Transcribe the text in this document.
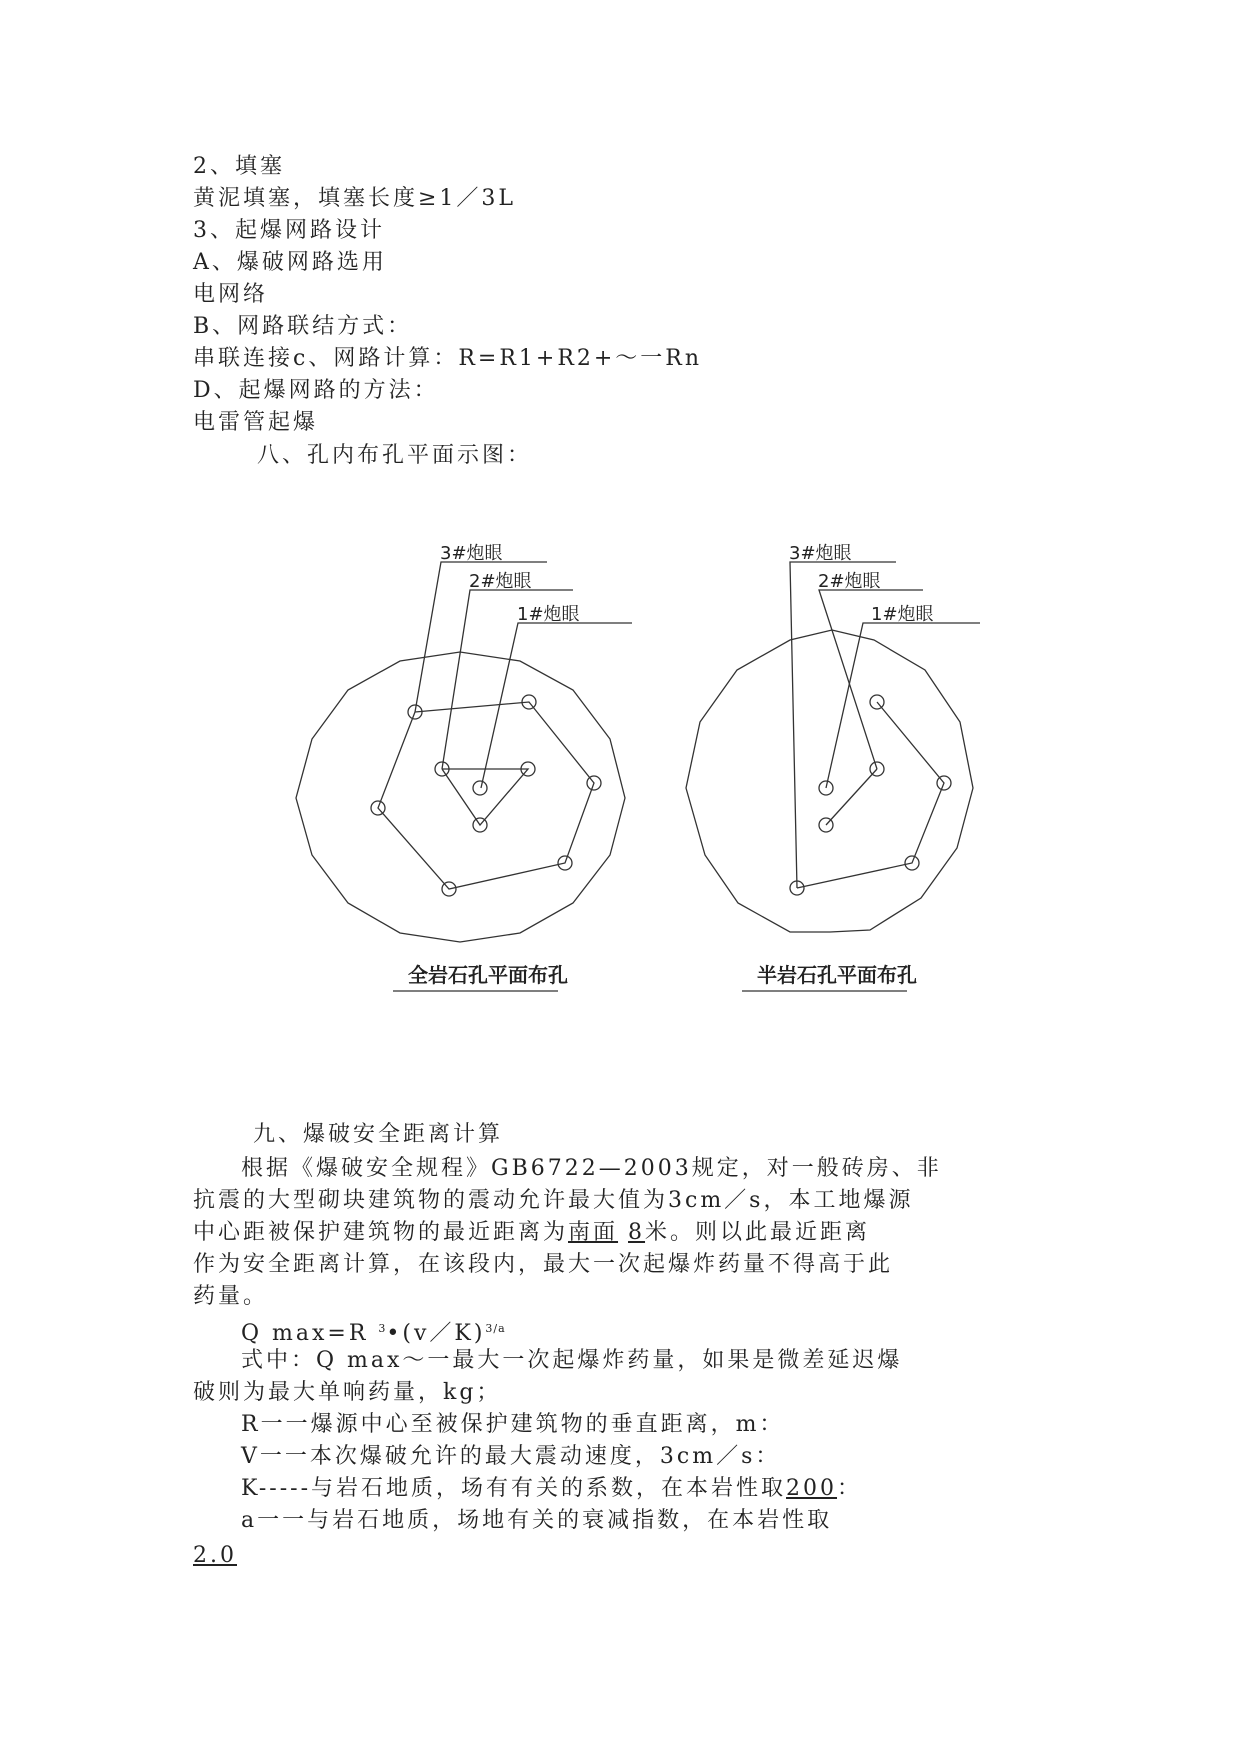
2、填塞
黄泥填塞，填塞长度≥1／3L
3、起爆网路设计
A、爆破网路选用
电网络
B、网路联结方式：
串联连接c、网路计算：R=R1+R2+～一Rn
D、起爆网路的方法：
电雷管起爆
八、孔内布孔平面示图：
3#炮眼
2#炮眼
1#炮眼
3#炮眼
2#炮眼
1#炮眼
全岩石孔平面布孔	半岩石孔平面布孔
九、爆破安全距离计算
根据《爆破安全规程》GB6722—2003规定，对一般砖房、非
抗震的大型砌块建筑物的震动允许最大值为3cm／s，本工地爆源
中心距被保护建筑物的最近距离为南面 8米。则以此最近距离
作为安全距离计算，在该段内，最大一次起爆炸药量不得高于此
药量。
Q max=R $^3$•(v／K)$^{3/a}$
式中：Q max～一最大一次起爆炸药量，如果是微差延迟爆
破则为最大单响药量，kg；
R一一爆源中心至被保护建筑物的垂直距离，m：
V一一本次爆破允许的最大震动速度，3cm／s：
K-----与岩石地质，场有有关的系数，在本岩性取200：
a一一与岩石地质，场地有关的衰减指数，在本岩性取
2.0
